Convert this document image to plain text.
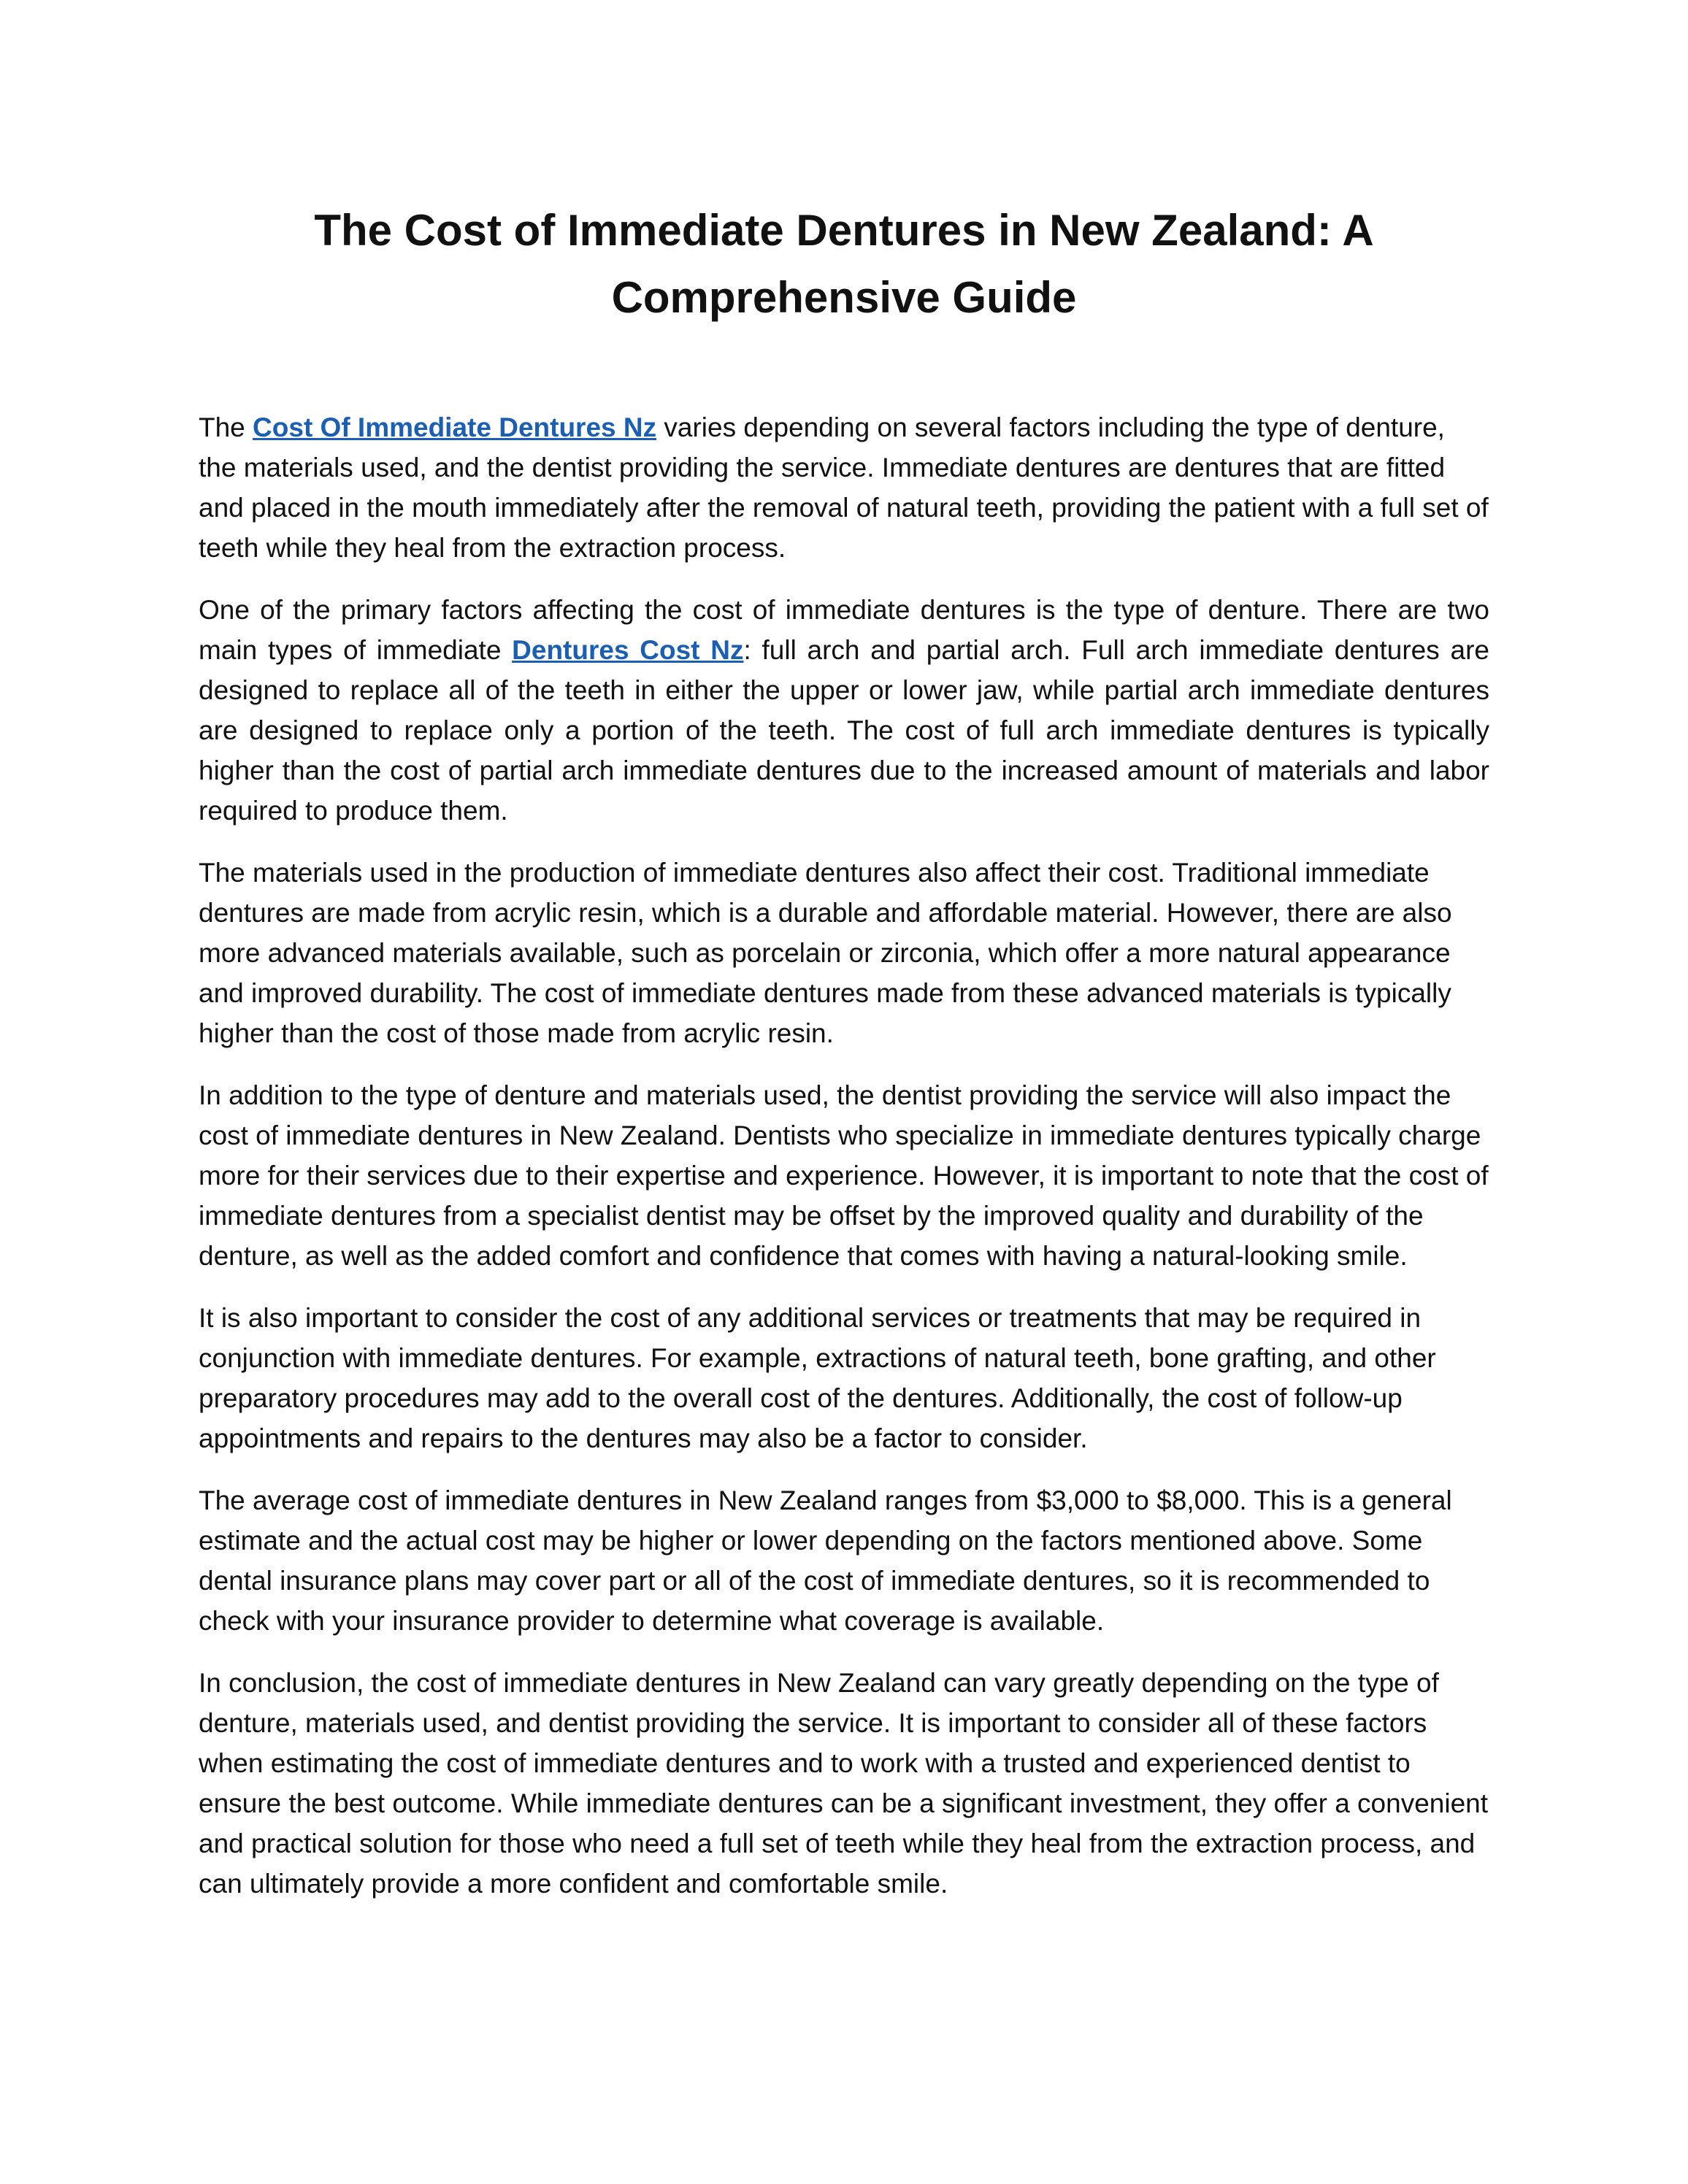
The Cost of Immediate Dentures in New Zealand: A Comprehensive Guide

The Cost Of Immediate Dentures Nz varies depending on several factors including the type of denture, the materials used, and the dentist providing the service. Immediate dentures are dentures that are fitted and placed in the mouth immediately after the removal of natural teeth, providing the patient with a full set of teeth while they heal from the extraction process.

One of the primary factors affecting the cost of immediate dentures is the type of denture. There are two main types of immediate Dentures Cost Nz: full arch and partial arch. Full arch immediate dentures are designed to replace all of the teeth in either the upper or lower jaw, while partial arch immediate dentures are designed to replace only a portion of the teeth. The cost of full arch immediate dentures is typically higher than the cost of partial arch immediate dentures due to the increased amount of materials and labor required to produce them.

The materials used in the production of immediate dentures also affect their cost. Traditional immediate dentures are made from acrylic resin, which is a durable and affordable material. However, there are also more advanced materials available, such as porcelain or zirconia, which offer a more natural appearance and improved durability. The cost of immediate dentures made from these advanced materials is typically higher than the cost of those made from acrylic resin.

In addition to the type of denture and materials used, the dentist providing the service will also impact the cost of immediate dentures in New Zealand. Dentists who specialize in immediate dentures typically charge more for their services due to their expertise and experience. However, it is important to note that the cost of immediate dentures from a specialist dentist may be offset by the improved quality and durability of the denture, as well as the added comfort and confidence that comes with having a natural-looking smile.

It is also important to consider the cost of any additional services or treatments that may be required in conjunction with immediate dentures. For example, extractions of natural teeth, bone grafting, and other preparatory procedures may add to the overall cost of the dentures. Additionally, the cost of follow-up appointments and repairs to the dentures may also be a factor to consider.

The average cost of immediate dentures in New Zealand ranges from $3,000 to $8,000. This is a general estimate and the actual cost may be higher or lower depending on the factors mentioned above. Some dental insurance plans may cover part or all of the cost of immediate dentures, so it is recommended to check with your insurance provider to determine what coverage is available.

In conclusion, the cost of immediate dentures in New Zealand can vary greatly depending on the type of denture, materials used, and dentist providing the service. It is important to consider all of these factors when estimating the cost of immediate dentures and to work with a trusted and experienced dentist to ensure the best outcome. While immediate dentures can be a significant investment, they offer a convenient and practical solution for those who need a full set of teeth while they heal from the extraction process, and can ultimately provide a more confident and comfortable smile.
